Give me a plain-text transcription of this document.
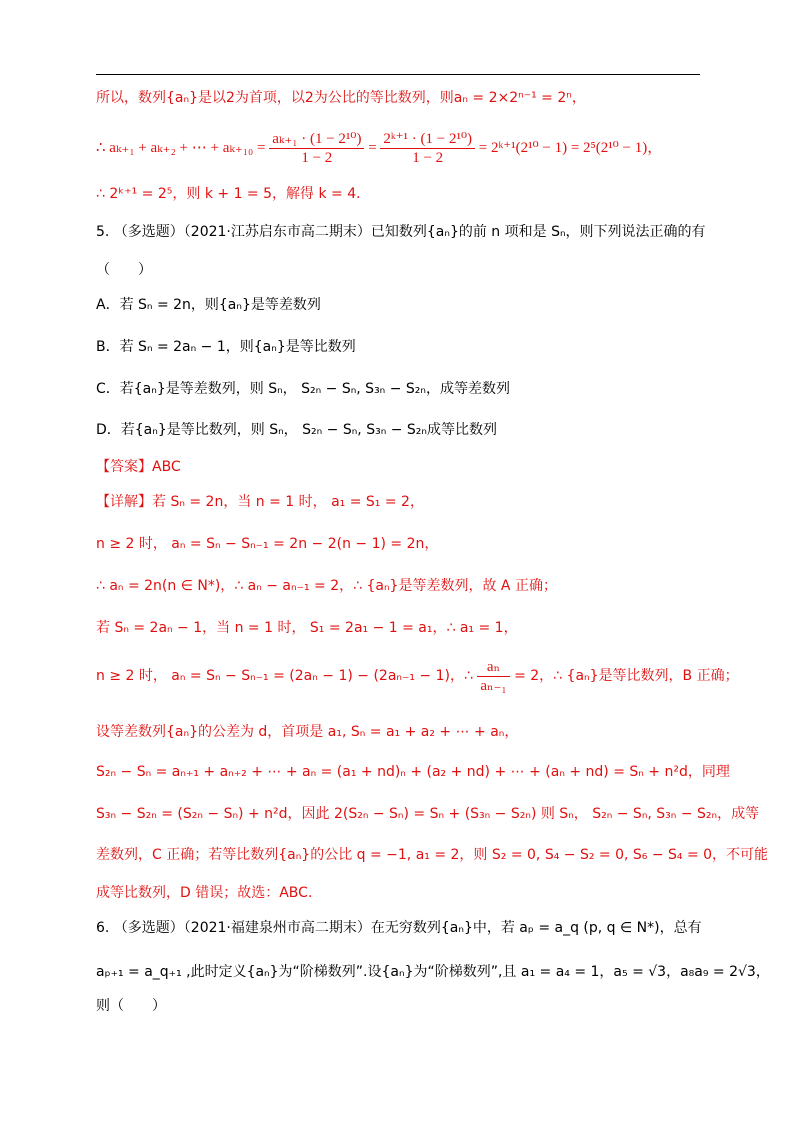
所以，数列{aₙ}是以2为首项，以2为公比的等比数列，则aₙ = 2×2ⁿ⁻¹ = 2ⁿ，
∴ aₖ₊₁ + aₖ₊₂ + ⋯ + $a_{k+10} = \frac{\text{aₖ₊₁ · (1 − 2¹⁰)}}{1 - 2} = \frac{\text{2ᵏ⁺¹ · (1 − 2¹⁰)}}{1 - 2}$ = 2ᵏ⁺¹(2¹⁰ − 1) = 2⁵(2¹⁰ − 1)，
∴ 2ᵏ⁺¹ = 2⁵，则 k + 1 = 5，解得 k = 4．
5. （多选题）（2021·江苏启东市高二期末）已知数列{aₙ}的前 n 项和是 Sₙ，则下列说法正确的有
（　　）
A．若 Sₙ = 2n，则{aₙ}是等差数列
B．若 Sₙ = 2aₙ − 1，则{aₙ}是等比数列
C．若{aₙ}是等差数列，则 Sₙ， S₂ₙ − Sₙ, S₃ₙ − S₂ₙ，成等差数列
D．若{aₙ}是等比数列，则 Sₙ， S₂ₙ − Sₙ, S₃ₙ − S₂ₙ成等比数列
【答案】ABC
【详解】若 Sₙ = 2n，当 n = 1 时， a₁ = S₁ = 2，
n ≥ 2 时， aₙ = Sₙ − Sₙ₋₁ = 2n − 2(n − 1) = 2n，
∴ aₙ = 2n(n ∈ N*)，∴ aₙ − aₙ₋₁ = 2，∴ {aₙ}是等差数列，故 A 正确；
若 Sₙ = 2aₙ − 1，当 n = 1 时， S₁ = 2a₁ − 1 = a₁，∴ a₁ = 1，
n ≥ 2 时， aₙ = Sₙ − Sₙ₋₁ = (2aₙ − 1) − (2aₙ₋₁ − 1)，∴ $\frac{\text{aₙ}}{\text{aₙ₋₁}} = 2$，∴ {aₙ}是等比数列，B 正确；
设等差数列{aₙ}的公差为 d，首项是 a₁, Sₙ = a₁ + a₂ + ⋯ + aₙ，
S₂ₙ − Sₙ = aₙ₊₁ + aₙ₊₂ + ⋯ + aₙ = (a₁ + nd)ₙ + (a₂ + nd) + ⋯ + (aₙ + nd) = Sₙ + n²d，同理
S₃ₙ − S₂ₙ = (S₂ₙ − Sₙ) + n²d，因此 2(S₂ₙ − Sₙ) = Sₙ + (S₃ₙ − S₂ₙ) 则 Sₙ， S₂ₙ − Sₙ, S₃ₙ − S₂ₙ，成等
差数列，C 正确；若等比数列{aₙ}的公比 q = −1, a₁ = 2，则 S₂ = 0, S₄ − S₂ = 0, S₆ − S₄ = 0，不可能
成等比数列，D 错误；故选：ABC.
6. （多选题）（2021·福建泉州市高二期末）在无穷数列{aₙ}中，若 aₚ = a_q (p, q ∈ N*)，总有
aₚ₊₁ = a_q₊₁ ,此时定义{aₙ}为“阶梯数列”.设{aₙ}为“阶梯数列”,且 a₁ = a₄ = 1，a₅ = √3，a₈a₉ = 2√3，
则（　　）
